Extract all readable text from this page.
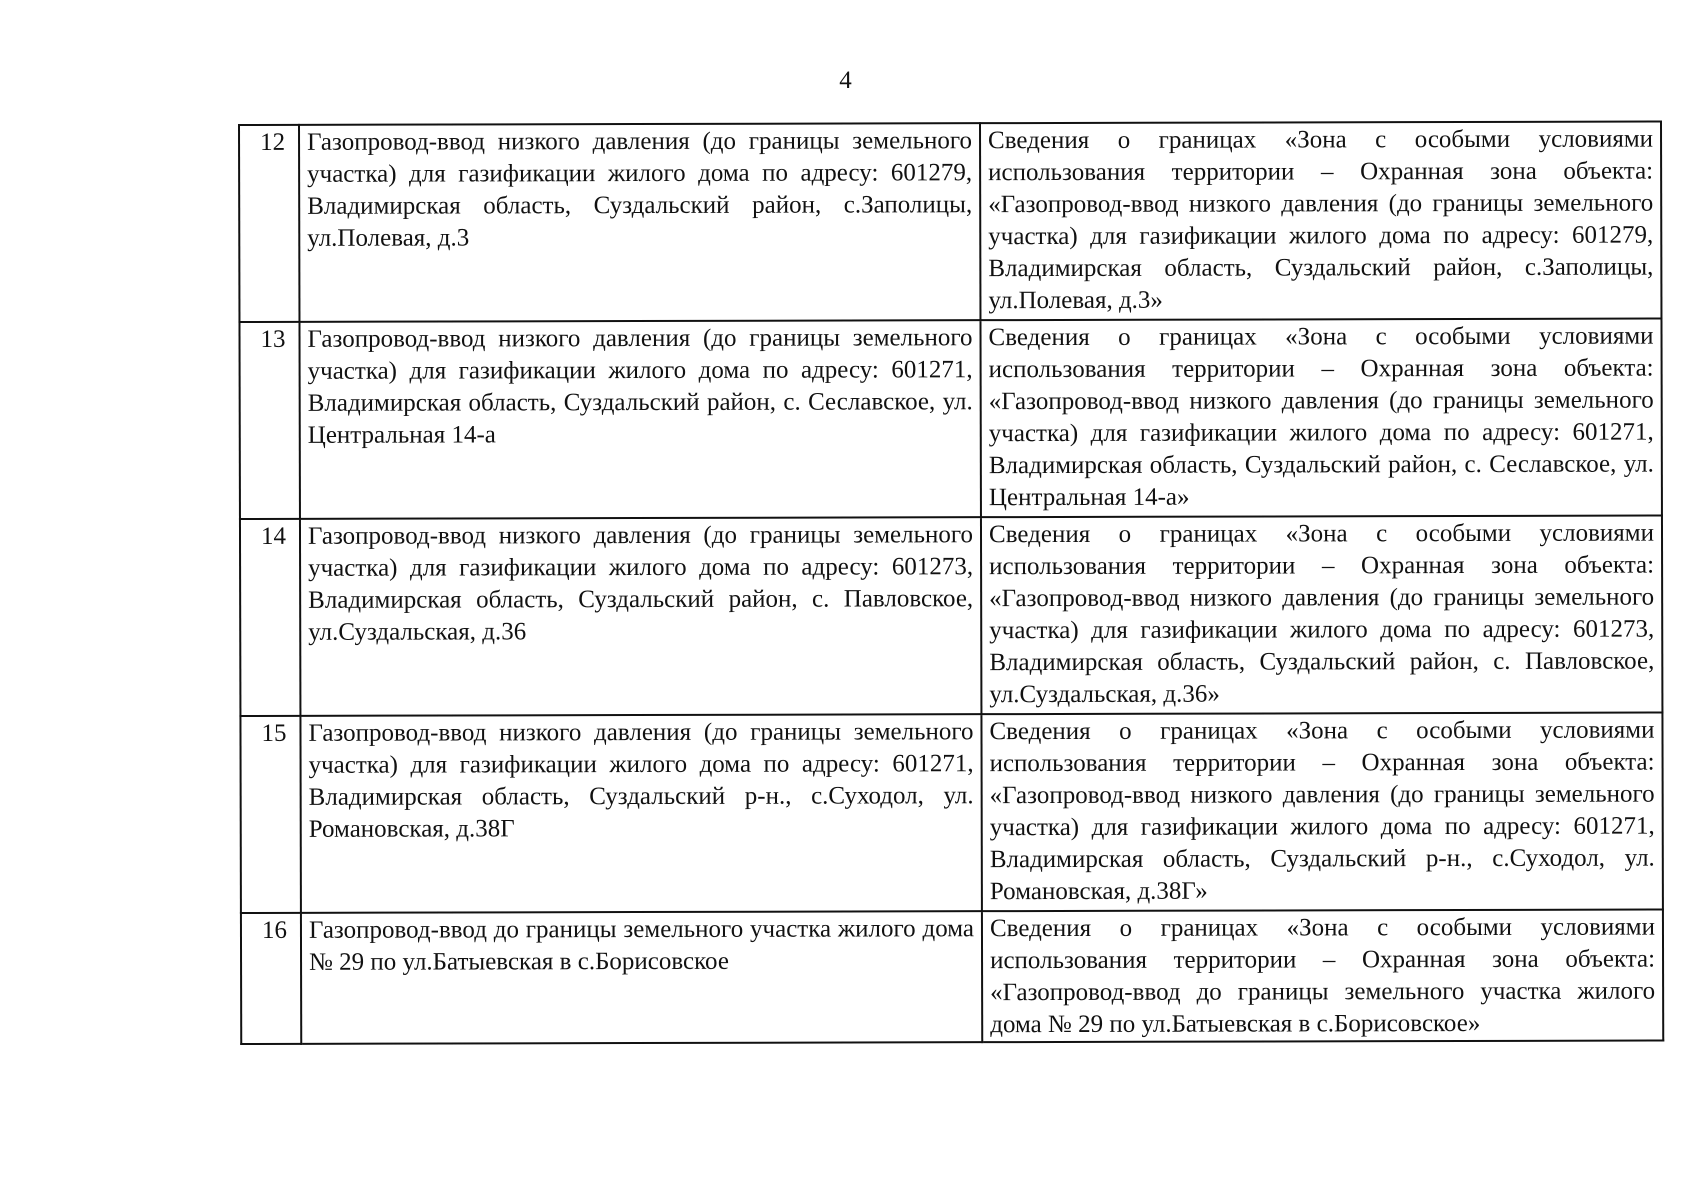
4
12	Газопровод-ввод низкого давления (до границы земельного участка) для газификации жилого дома по адресу: 601279, Владимирская область, Суздальский район, с.Заполицы, ул.Полевая, д.3	Сведения о границах «Зона с особыми условиями использования территории – Охранная зона объекта: «Газопровод-ввод низкого давления (до границы земельного участка) для газификации жилого дома по адресу: 601279, Владимирская область, Суздальский район, с.Заполицы, ул.Полевая, д.3»
13	Газопровод-ввод низкого давления (до границы земельного участка) для газификации жилого дома по адресу: 601271, Владимирская область, Суздальский район, с. Сеславское, ул. Центральная 14-а	Сведения о границах «Зона с особыми условиями использования территории – Охранная зона объекта: «Газопровод-ввод низкого давления (до границы земельного участка) для газификации жилого дома по адресу: 601271, Владимирская область, Суздальский район, с. Сеславское, ул. Центральная 14-а»
14	Газопровод-ввод низкого давления (до границы земельного участка) для газификации жилого дома по адресу: 601273, Владимирская область, Суздальский район, с. Павловское, ул.Суздальская, д.36	Сведения о границах «Зона с особыми условиями использования территории – Охранная зона объекта: «Газопровод-ввод низкого давления (до границы земельного участка) для газификации жилого дома по адресу: 601273, Владимирская область, Суздальский район, с. Павловское, ул.Суздальская, д.36»
15	Газопровод-ввод низкого давления (до границы земельного участка) для газификации жилого дома по адресу: 601271, Владимирская область, Суздальский р-н., с.Суходол, ул. Романовская, д.38Г	Сведения о границах «Зона с особыми условиями использования территории – Охранная зона объекта: «Газопровод-ввод низкого давления (до границы земельного участка) для газификации жилого дома по адресу: 601271, Владимирская область, Суздальский р-н., с.Суходол, ул. Романовская, д.38Г»
16	Газопровод-ввод до границы земельного участка жилого дома № 29 по ул.Батыевская в с.Борисовское	Сведения о границах «Зона с особыми условиями использования территории – Охранная зона объекта: «Газопровод-ввод до границы земельного участка жилого дома № 29 по ул.Батыевская в с.Борисовское»
